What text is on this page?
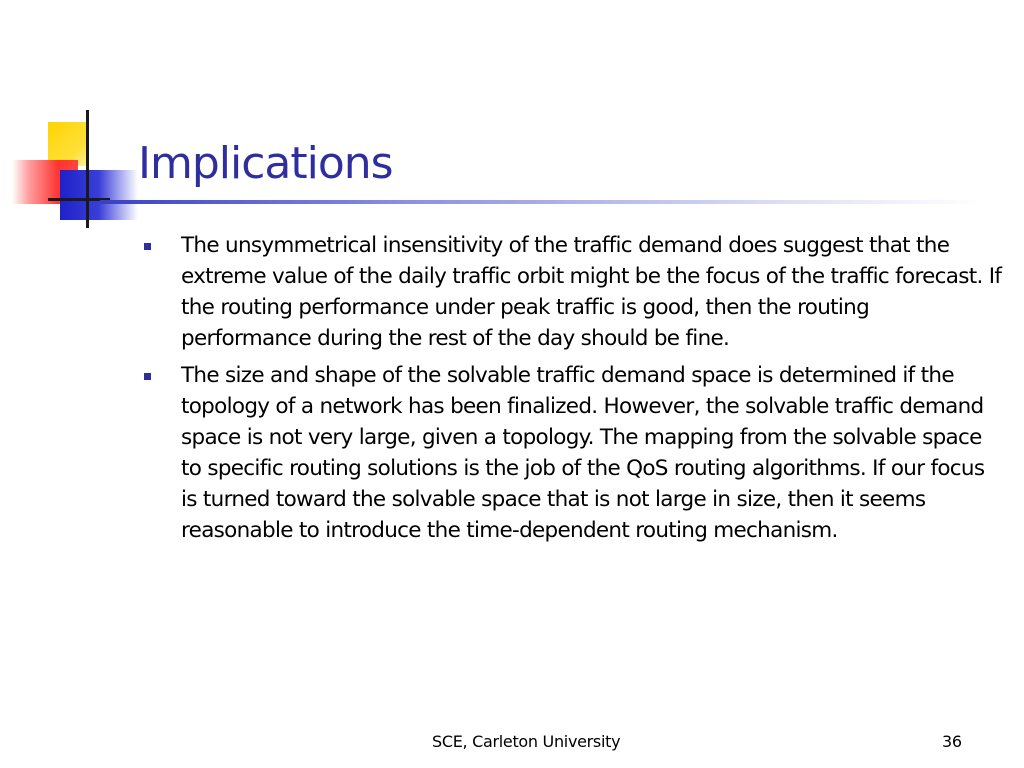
Implications
The unsymmetrical insensitivity of the traffic demand does suggest that the extreme value of the daily traffic orbit might be the focus of the traffic forecast. If the routing performance under peak traffic is good, then the routing performance during the rest of the day should be fine.
The size and shape of the solvable traffic demand space is determined if the topology of a network has been finalized. However, the solvable traffic demand space is not very large, given a topology. The mapping from the solvable space to specific routing solutions is the job of the QoS routing algorithms. If our focus is turned toward the solvable space that is not large in size, then it seems reasonable to introduce the time-dependent routing mechanism.
SCE, Carleton University	36
